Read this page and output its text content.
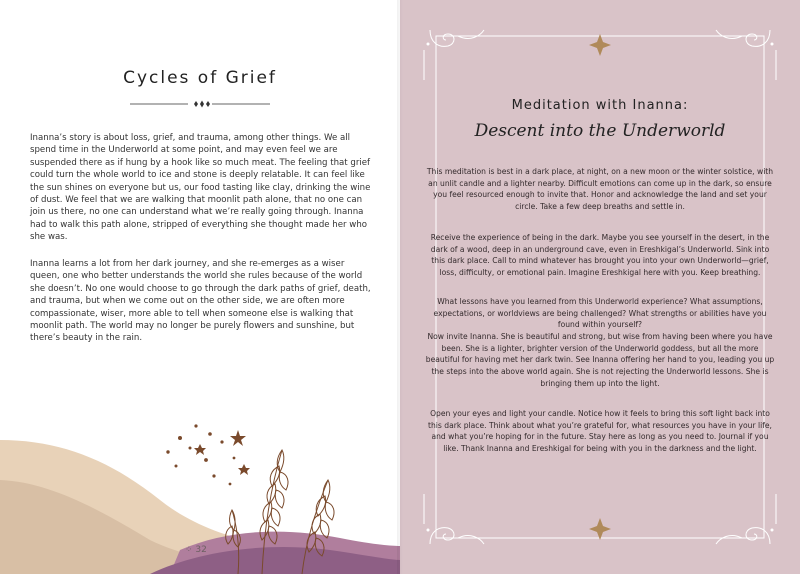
Cycles of Grief

Inanna’s story is about loss, grief, and trauma, among other things. We all spend time in the Underworld at some point, and may even feel we are suspended there as if hung by a hook like so much meat. The feeling that grief could turn the whole world to ice and stone is deeply relatable. It can feel like the sun shines on everyone but us, our food tasting like clay, drinking the wine of dust. We feel that we are walking that moonlit path alone, that no one can join us there, no one can understand what we’re really going through. Inanna had to walk this path alone, stripped of everything she thought made her who she was.

Inanna learns a lot from her dark journey, and she re-emerges as a wiser queen, one who better understands the world she rules because of the world she doesn’t. No one would choose to go through the dark paths of grief, death, and trauma, but when we come out on the other side, we are often more compassionate, wiser, more able to tell when someone else is walking that moonlit path. The world may no longer be purely flowers and sunshine, but there’s beauty in the rain.

⁘ 32
Meditation with Inanna:
Descent into the Underworld

This meditation is best in a dark place, at night, on a new moon or the winter solstice, with an unlit candle and a lighter nearby. Difficult emotions can come up in the dark, so ensure you feel resourced enough to invite that. Honor and acknowledge the land and set your circle. Take a few deep breaths and settle in.

Receive the experience of being in the dark. Maybe you see yourself in the desert, in the dark of a wood, deep in an underground cave, even in Ereshkigal’s Underworld. Sink into this dark place. Call to mind whatever has brought you into your own Underworld—grief, loss, difficulty, or emotional pain. Imagine Ereshkigal here with you. Keep breathing.

What lessons have you learned from this Underworld experience? What assumptions, expectations, or worldviews are being challenged? What strengths or abilities have you found within yourself?

Now invite Inanna. She is beautiful and strong, but wise from having been where you have been. She is a lighter, brighter version of the Underworld goddess, but all the more beautiful for having met her dark twin. See Inanna offering her hand to you, leading you up the steps into the above world again. She is not rejecting the Underworld lessons. She is bringing them up into the light.

Open your eyes and light your candle. Notice how it feels to bring this soft light back into this dark place. Think about what you’re grateful for, what resources you have in your life, and what you’re hoping for in the future. Stay here as long as you need to. Journal if you like. Thank Inanna and Ereshkigal for being with you in the darkness and the light.
